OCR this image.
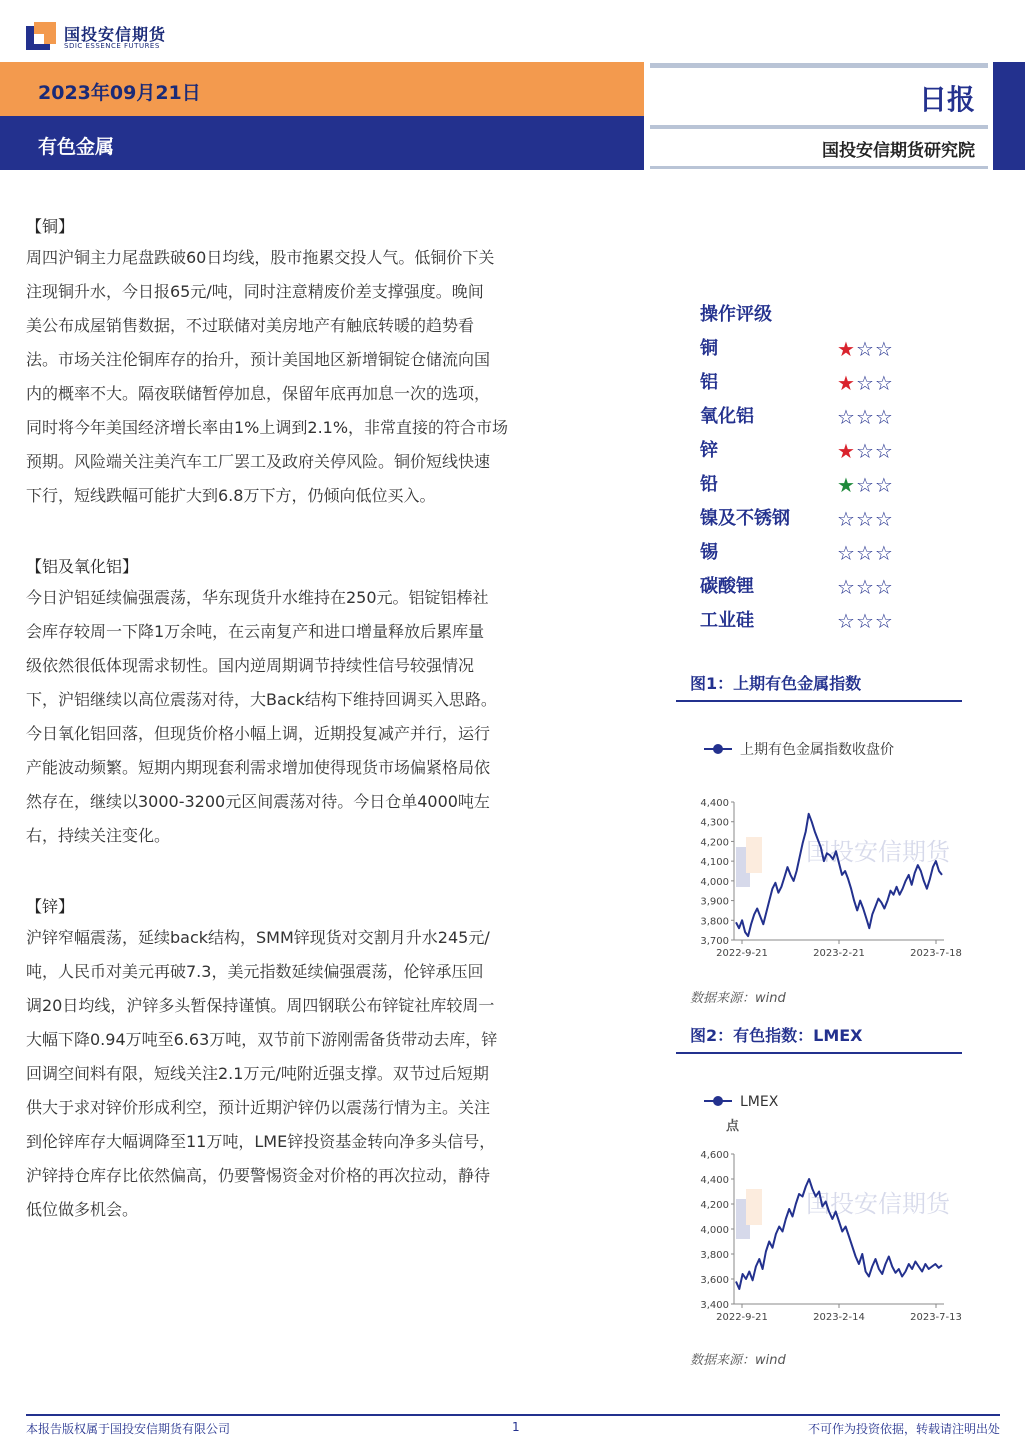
国投安信期货
SDIC ESSENCE FUTURES
2023年09月21日
有色金属
日报
国投安信期货研究院
【铜】
周四沪铜主力尾盘跌破60日均线，股市拖累交投人气。低铜价下关
注现铜升水，今日报65元/吨，同时注意精废价差支撑强度。晚间
美公布成屋销售数据，不过联储对美房地产有触底转暖的趋势看
法。市场关注伦铜库存的抬升，预计美国地区新增铜锭仓储流向国
内的概率不大。隔夜联储暂停加息，保留年底再加息一次的选项，
同时将今年美国经济增长率由1%上调到2.1%，非常直接的符合市场
预期。风险端关注美汽车工厂罢工及政府关停风险。铜价短线快速
下行，短线跌幅可能扩大到6.8万下方，仍倾向低位买入。
【铝及氧化铝】
今日沪铝延续偏强震荡，华东现货升水维持在250元。铝锭铝棒社
会库存较周一下降1万余吨，在云南复产和进口增量释放后累库量
级依然很低体现需求韧性。国内逆周期调节持续性信号较强情况
下，沪铝继续以高位震荡对待，大Back结构下维持回调买入思路。
今日氧化铝回落，但现货价格小幅上调，近期投复减产并行，运行
产能波动频繁。短期内期现套利需求增加使得现货市场偏紧格局依
然存在，继续以3000-3200元区间震荡对待。今日仓单4000吨左
右，持续关注变化。
【锌】
沪锌窄幅震荡，延续back结构，SMM锌现货对交割月升水245元/
吨，人民币对美元再破7.3，美元指数延续偏强震荡，伦锌承压回
调20日均线，沪锌多头暂保持谨慎。周四钢联公布锌锭社库较周一
大幅下降0.94万吨至6.63万吨，双节前下游刚需备货带动去库，锌
回调空间料有限，短线关注2.1万元/吨附近强支撑。双节过后短期
供大于求对锌价形成利空，预计近期沪锌仍以震荡行情为主。关注
到伦锌库存大幅调降至11万吨，LME锌投资基金转向净多头信号，
沪锌持仓库存比依然偏高，仍要警惕资金对价格的再次拉动，静待
低位做多机会。
操作评级
铜	★☆☆
铝	★☆☆
氧化铝	☆☆☆
锌	★☆☆
铅	★☆☆
镍及不锈钢 ☆☆☆
锡	☆☆☆
碳酸锂	☆☆☆
工业硅	☆☆☆
图1：上期有色金属指数
上期有色金属指数收盘价
国投安信期货
4,400
4,300
4,200
4,100
4,000
3,900
3,800
3,700
2022-9-21	2023-2-21	2023-7-18
数据来源：wind
图2：有色指数：LMEX
LMEX
点
国投安信期货
4,600
4,400
4,200
4,000
3,800
3,600
3,400
2022-9-21	2023-2-14	2023-7-13
数据来源：wind
本报告版权属于国投安信期货有限公司	1	不可作为投资依据，转载请注明出处
